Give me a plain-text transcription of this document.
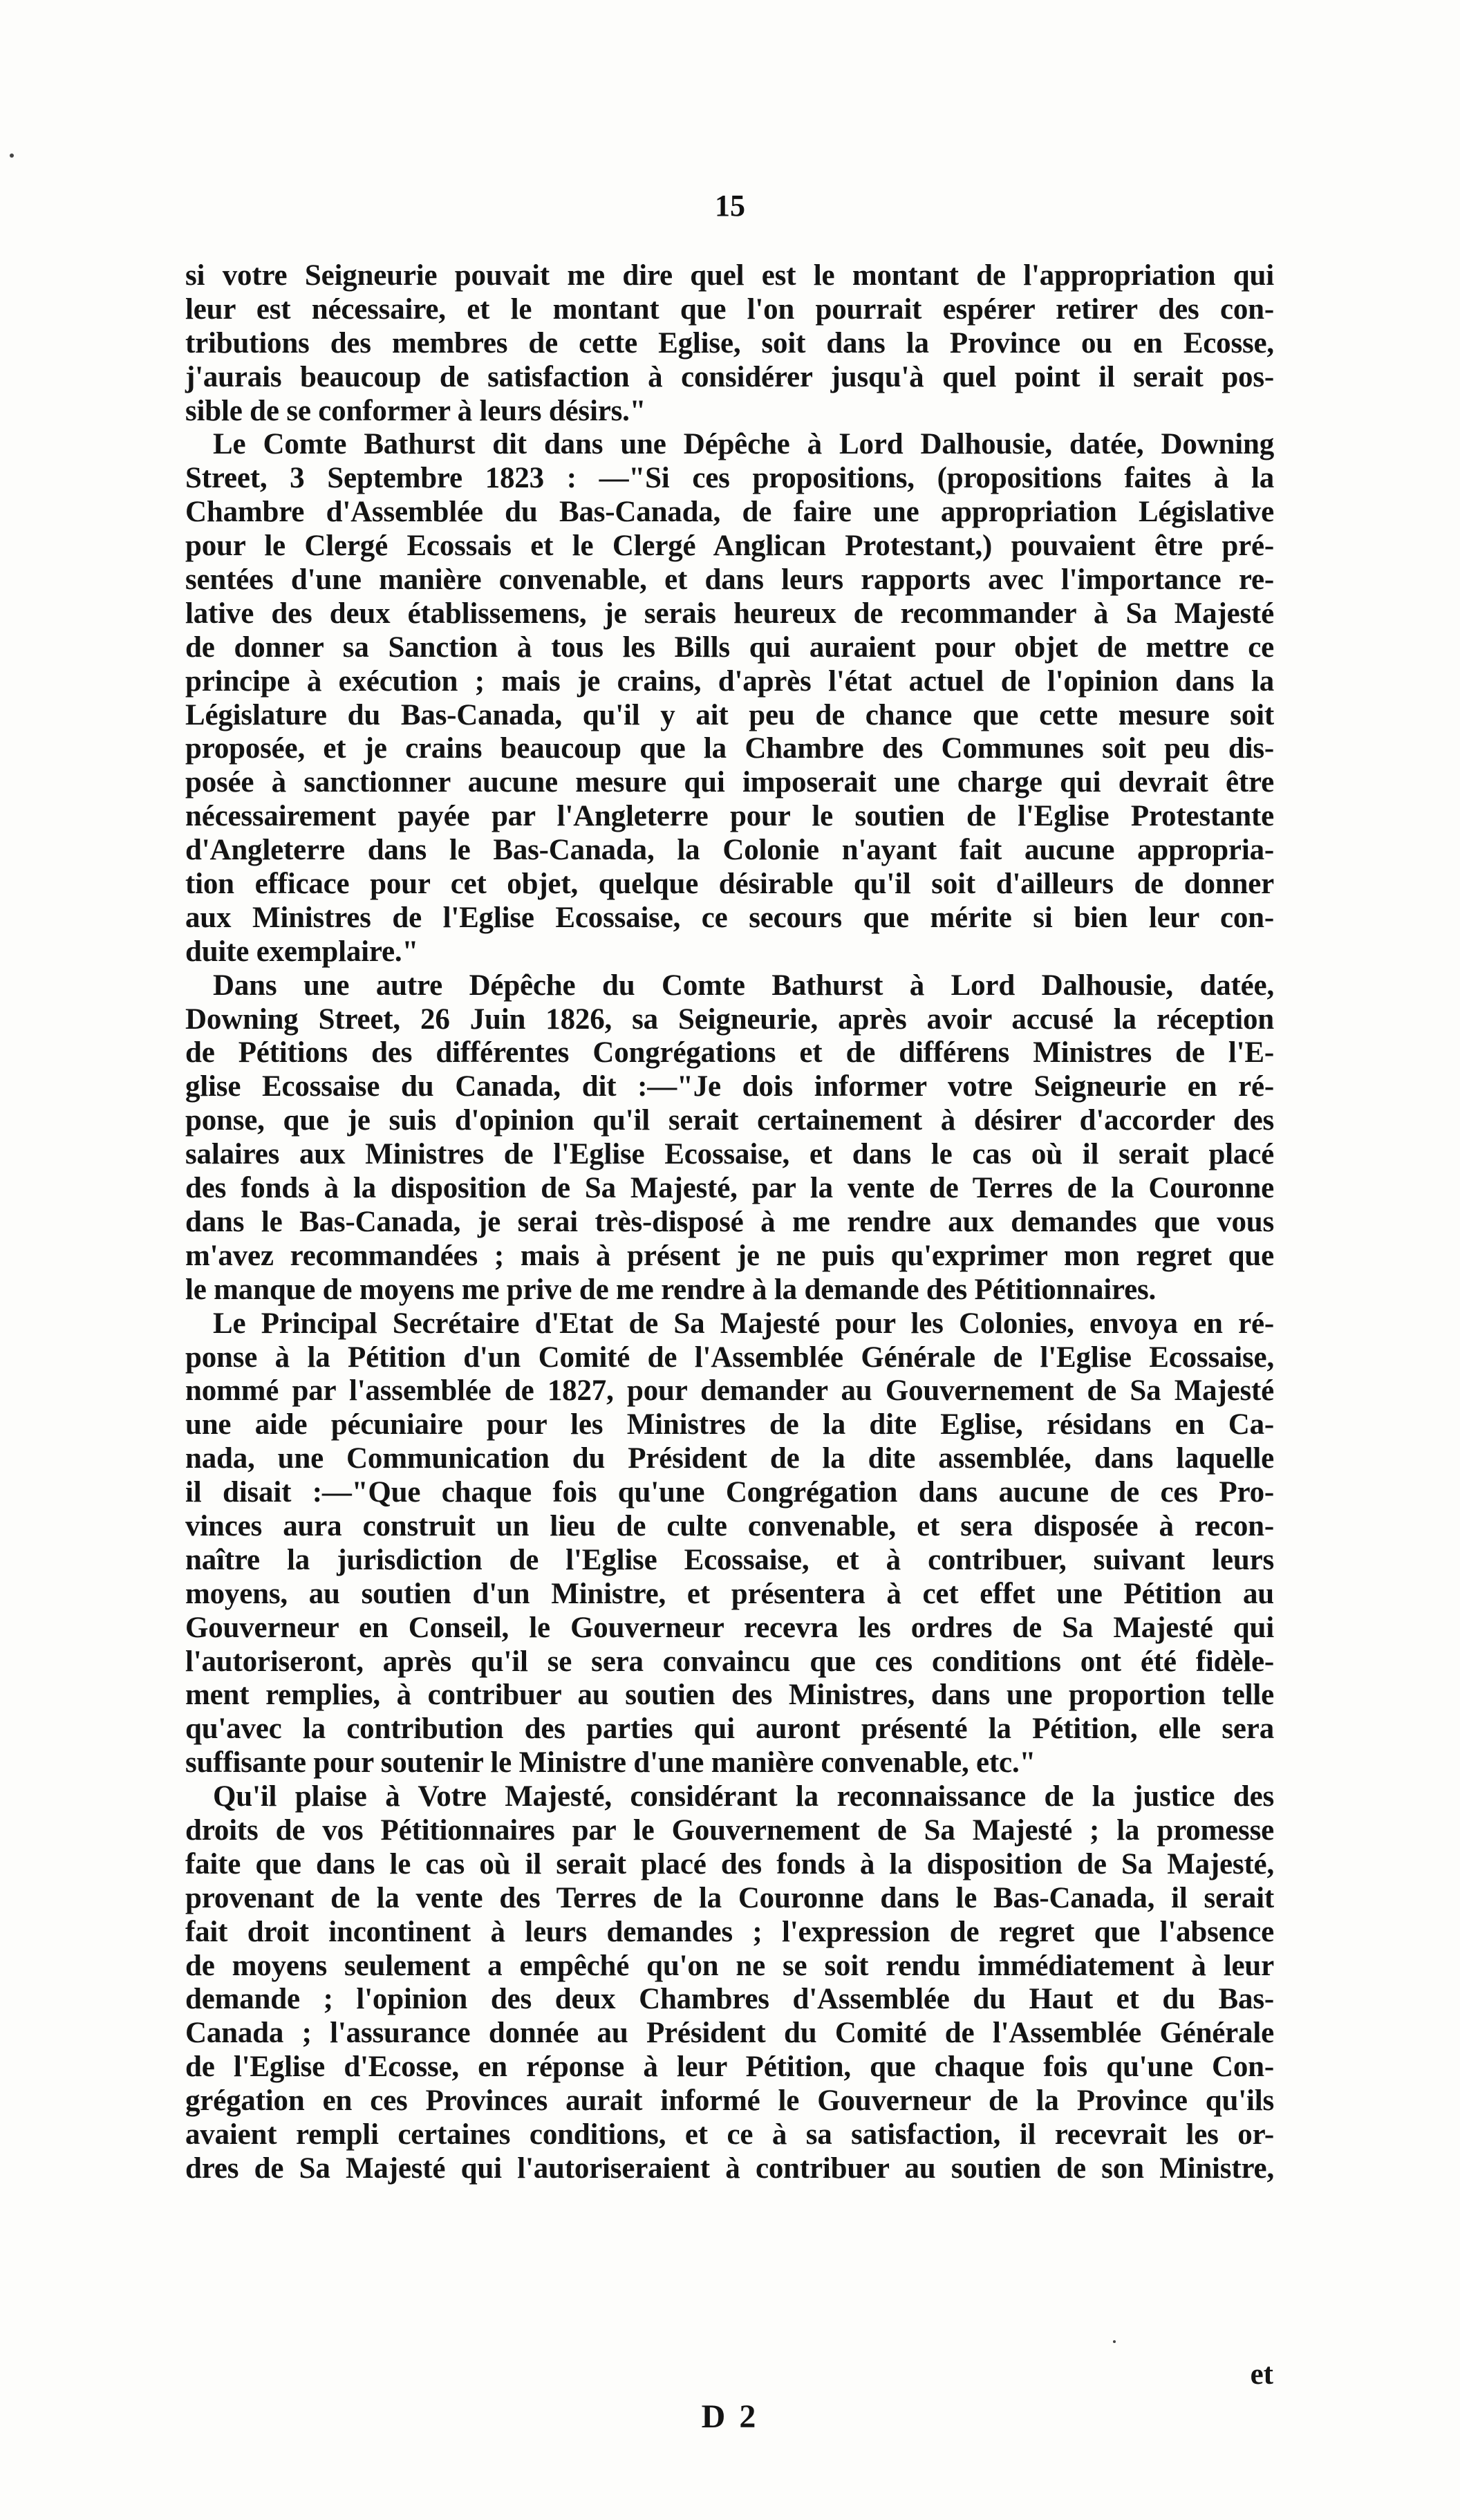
15
si votre Seigneurie pouvait me dire quel est le montant de l'appropriation qui
leur est nécessaire, et le montant que l'on pourrait espérer retirer des con-
tributions des membres de cette Eglise, soit dans la Province ou en Ecosse,
j'aurais beaucoup de satisfaction à considérer jusqu'à quel point il serait pos-
sible de se conformer à leurs désirs."
Le Comte Bathurst dit dans une Dépêche à Lord Dalhousie, datée, Downing
Street, 3 Septembre 1823 : —"Si ces propositions, (propositions faites à la
Chambre d'Assemblée du Bas-Canada, de faire une appropriation Législative
pour le Clergé Ecossais et le Clergé Anglican Protestant,) pouvaient être pré-
sentées d'une manière convenable, et dans leurs rapports avec l'importance re-
lative des deux établissemens, je serais heureux de recommander à Sa Majesté
de donner sa Sanction à tous les Bills qui auraient pour objet de mettre ce
principe à exécution ; mais je crains, d'après l'état actuel de l'opinion dans la
Législature du Bas-Canada, qu'il y ait peu de chance que cette mesure soit
proposée, et je crains beaucoup que la Chambre des Communes soit peu dis-
posée à sanctionner aucune mesure qui imposerait une charge qui devrait être
nécessairement payée par l'Angleterre pour le soutien de l'Eglise Protestante
d'Angleterre dans le Bas-Canada, la Colonie n'ayant fait aucune appropria-
tion efficace pour cet objet, quelque désirable qu'il soit d'ailleurs de donner
aux Ministres de l'Eglise Ecossaise, ce secours que mérite si bien leur con-
duite exemplaire."
Dans une autre Dépêche du Comte Bathurst à Lord Dalhousie, datée,
Downing Street, 26 Juin 1826, sa Seigneurie, après avoir accusé la réception
de Pétitions des différentes Congrégations et de différens Ministres de l'E-
glise Ecossaise du Canada, dit :—"Je dois informer votre Seigneurie en ré-
ponse, que je suis d'opinion qu'il serait certainement à désirer d'accorder des
salaires aux Ministres de l'Eglise Ecossaise, et dans le cas où il serait placé
des fonds à la disposition de Sa Majesté, par la vente de Terres de la Couronne
dans le Bas-Canada, je serai très-disposé à me rendre aux demandes que vous
m'avez recommandées ; mais à présent je ne puis qu'exprimer mon regret que
le manque de moyens me prive de me rendre à la demande des Pétitionnaires.
Le Principal Secrétaire d'Etat de Sa Majesté pour les Colonies, envoya en ré-
ponse à la Pétition d'un Comité de l'Assemblée Générale de l'Eglise Ecossaise,
nommé par l'assemblée de 1827, pour demander au Gouvernement de Sa Majesté
une aide pécuniaire pour les Ministres de la dite Eglise, résidans en Ca-
nada, une Communication du Président de la dite assemblée, dans laquelle
il disait :—"Que chaque fois qu'une Congrégation dans aucune de ces Pro-
vinces aura construit un lieu de culte convenable, et sera disposée à recon-
naître la jurisdiction de l'Eglise Ecossaise, et à contribuer, suivant leurs
moyens, au soutien d'un Ministre, et présentera à cet effet une Pétition au
Gouverneur en Conseil, le Gouverneur recevra les ordres de Sa Majesté qui
l'autoriseront, après qu'il se sera convaincu que ces conditions ont été fidèle-
ment remplies, à contribuer au soutien des Ministres, dans une proportion telle
qu'avec la contribution des parties qui auront présenté la Pétition, elle sera
suffisante pour soutenir le Ministre d'une manière convenable, etc."
Qu'il plaise à Votre Majesté, considérant la reconnaissance de la justice des
droits de vos Pétitionnaires par le Gouvernement de Sa Majesté ; la promesse
faite que dans le cas où il serait placé des fonds à la disposition de Sa Majesté,
provenant de la vente des Terres de la Couronne dans le Bas-Canada, il serait
fait droit incontinent à leurs demandes ; l'expression de regret que l'absence
de moyens seulement a empêché qu'on ne se soit rendu immédiatement à leur
demande ; l'opinion des deux Chambres d'Assemblée du Haut et du Bas-
Canada ; l'assurance donnée au Président du Comité de l'Assemblée Générale
de l'Eglise d'Ecosse, en réponse à leur Pétition, que chaque fois qu'une Con-
grégation en ces Provinces aurait informé le Gouverneur de la Province qu'ils
avaient rempli certaines conditions, et ce à sa satisfaction, il recevrait les or-
dres de Sa Majesté qui l'autoriseraient à contribuer au soutien de son Ministre,
et
D 2
